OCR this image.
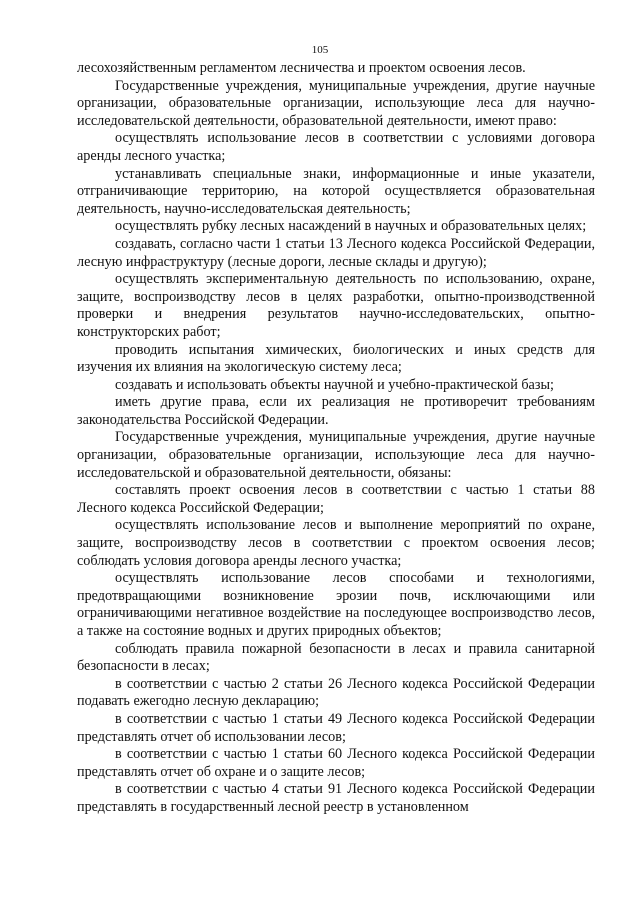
105

лесохозяйственным регламентом лесничества и проектом освоения лесов.

Государственные учреждения, муниципальные учреждения, другие научные организации, образовательные организации, использующие леса для научно-исследовательской деятельности, образовательной деятельности, имеют право:

осуществлять использование лесов в соответствии с условиями договора аренды лесного участка;

устанавливать специальные знаки, информационные и иные указатели, отграничивающие территорию, на которой осуществляется образовательная деятельность, научно-исследовательская деятельность;

осуществлять рубку лесных насаждений в научных и образовательных целях;

создавать, согласно части 1 статьи 13 Лесного кодекса Российской Федерации, лесную инфраструктуру (лесные дороги, лесные склады и другую);

осуществлять экспериментальную деятельность по использованию, охране, защите, воспроизводству лесов в целях разработки, опытно-производственной проверки и внедрения результатов научно-исследовательских, опытно-конструкторских работ;

проводить испытания химических, биологических и иных средств для изучения их влияния на экологическую систему леса;

создавать и использовать объекты научной и учебно-практической базы;

иметь другие права, если их реализация не противоречит требованиям законодательства Российской Федерации.

Государственные учреждения, муниципальные учреждения, другие научные организации, образовательные организации, использующие леса для научно-исследовательской и образовательной деятельности, обязаны:

составлять проект освоения лесов в соответствии с частью 1 статьи 88 Лесного кодекса Российской Федерации;

осуществлять использование лесов и выполнение мероприятий по охране, защите, воспроизводству лесов в соответствии с проектом освоения лесов; соблюдать условия договора аренды лесного участка;

осуществлять использование лесов способами и технологиями, предотвращающими возникновение эрозии почв, исключающими или ограничивающими негативное воздействие на последующее воспроизводство лесов, а также на состояние водных и других природных объектов;

соблюдать правила пожарной безопасности в лесах и правила санитарной безопасности в лесах;

в соответствии с частью 2 статьи 26 Лесного кодекса Российской Федерации подавать ежегодно лесную декларацию;

в соответствии с частью 1 статьи 49 Лесного кодекса Российской Федерации представлять отчет об использовании лесов;

в соответствии с частью 1 статьи 60 Лесного кодекса Российской Федерации представлять отчет об охране и о защите лесов;

в соответствии с частью 4 статьи 91 Лесного кодекса Российской Федерации представлять в государственный лесной реестр в установленном
